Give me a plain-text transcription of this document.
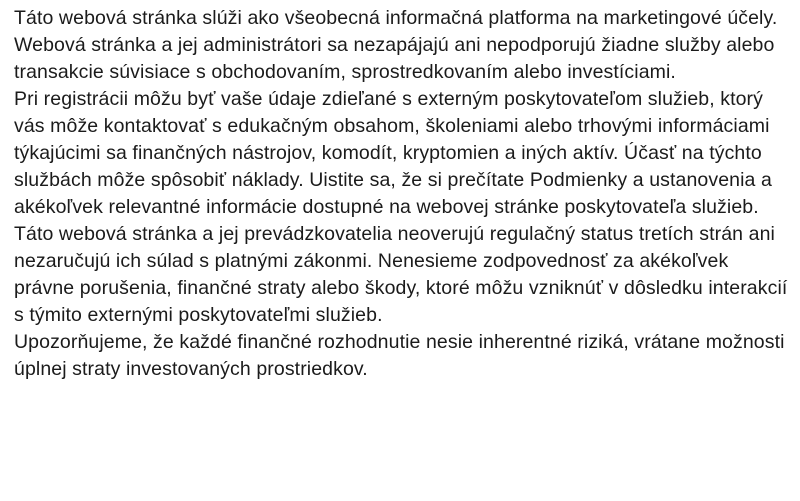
Táto webová stránka slúži ako všeobecná informačná platforma na marketingové účely.

Webová stránka a jej administrátori sa nezapájajú ani nepodporujú žiadne služby alebo transakcie súvisiace s obchodovaním, sprostredkovaním alebo investíciami.

Pri registrácii môžu byť vaše údaje zdieľané s externým poskytovateľom služieb, ktorý vás môže kontaktovať s edukačným obsahom, školeniami alebo trhovými informáciami týkajúcimi sa finančných nástrojov, komodít, kryptomien a iných aktív. Účasť na týchto službách môže spôsobiť náklady. Uistite sa, že si prečítate Podmienky a ustanovenia a akékoľvek relevantné informácie dostupné na webovej stránke poskytovateľa služieb.

Táto webová stránka a jej prevádzkovatelia neoverujú regulačný status tretích strán ani nezaručujú ich súlad s platnými zákonmi. Nenesieme zodpovednosť za akékoľvek právne porušenia, finančné straty alebo škody, ktoré môžu vzniknúť v dôsledku interakcií s týmito externými poskytovateľmi služieb.

Upozorňujeme, že každé finančné rozhodnutie nesie inherentné riziká, vrátane možnosti úplnej straty investovaných prostriedkov.
